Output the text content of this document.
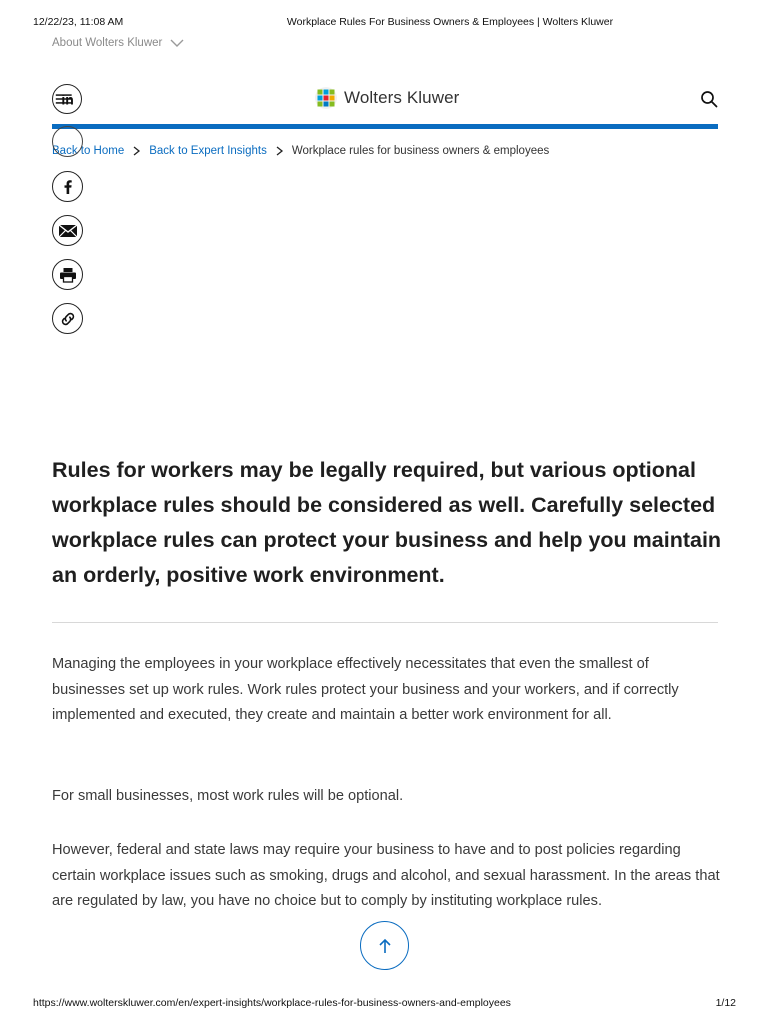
12/22/23, 11:08 AM	Workplace Rules For Business Owners & Employees | Wolters Kluwer
About Wolters Kluwer
in	Wolters Kluwer
Back to Home Back to Expert Insights Workplace rules for business owners & employees

Rules for workers may be legally required, but various optional workplace rules should be considered as well. Carefully selected workplace rules can protect your business and help you maintain an orderly, positive work environment.

Managing the employees in your workplace effectively necessitates that even the smallest of businesses set up work rules. Work rules protect your business and your workers, and if correctly implemented and executed, they create and maintain a better work environment for all.

For small businesses, most work rules will be optional.

However, federal and state laws may require your business to have and to post policies regarding certain workplace issues such as smoking, drugs and alcohol, and sexual harassment. In the areas that are regulated by law, you have no choice but to comply by instituting workplace rules.

https://www.wolterskluwer.com/en/expert-insights/workplace-rules-for-business-owners-and-employees	1/12
